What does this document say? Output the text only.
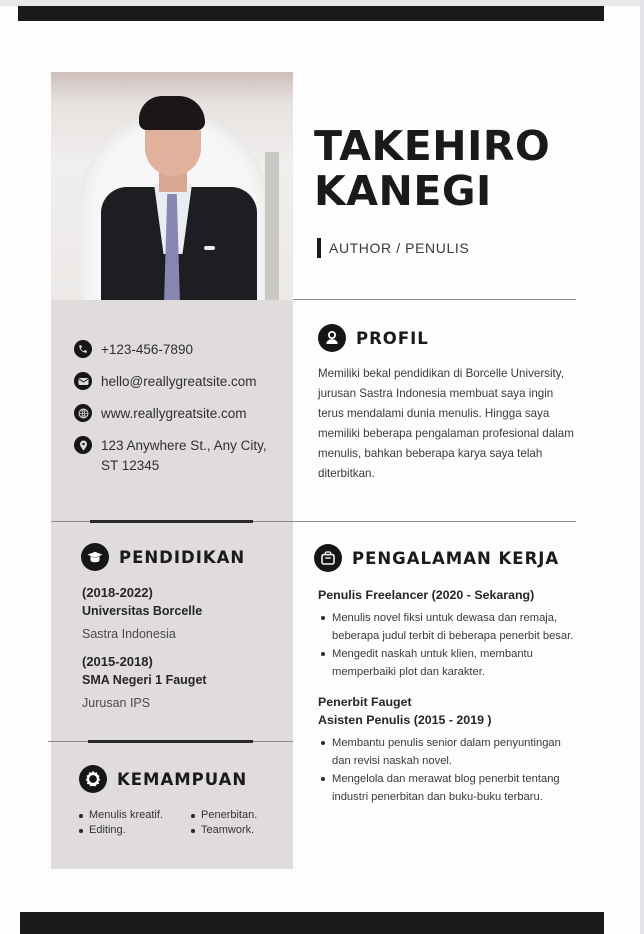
TAKEHIRO
KANEGI
AUTHOR / PENULIS
+123-456-7890
hello@reallygreatsite.com
www.reallygreatsite.com
123 Anywhere St., Any City, ST 12345
PROFIL
Memiliki bekal pendidikan di Borcelle University, jurusan Sastra Indonesia membuat saya ingin terus mendalami dunia menulis. Hingga saya memiliki beberapa pengalaman profesional dalam menulis, bahkan beberapa karya saya telah diterbitkan.
PENDIDIKAN
(2018-2022)
Universitas Borcelle
Sastra Indonesia
(2015-2018)
SMA Negeri 1 Fauget
Jurusan IPS
PENGALAMAN KERJA
Penulis Freelancer (2020 - Sekarang)
Menulis novel fiksi untuk dewasa dan remaja, beberapa judul terbit di beberapa penerbit besar.
Mengedit naskah untuk klien, membantu memperbaiki plot dan karakter.
Penerbit Fauget
Asisten Penulis (2015 - 2019 )
Membantu penulis senior dalam penyuntingan dan revisi naskah novel.
Mengelola dan merawat blog penerbit tentang industri penerbitan dan buku-buku terbaru.
KEMAMPUAN
Menulis kreatif.	Penerbitan.
Editing.	Teamwork.
